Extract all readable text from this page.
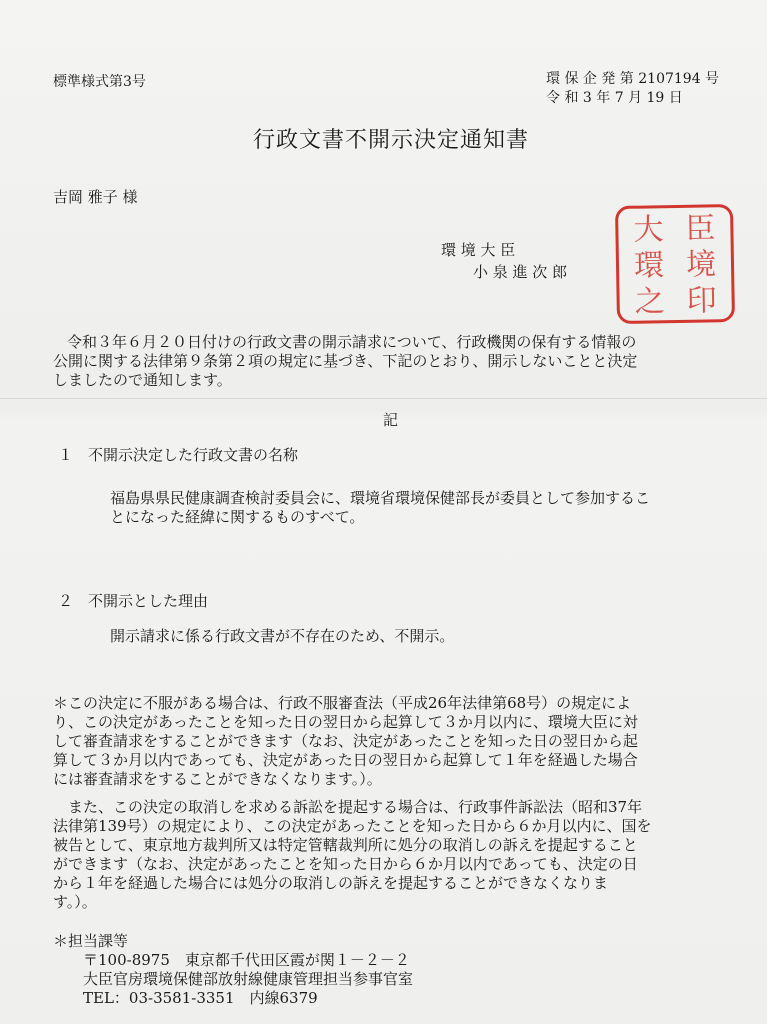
標準様式第3号	環 保 企 発 第 2107194 号
令 和 3 年 7 月 19 日
行政文書不開示決定通知書
吉岡 雅子 様
環 境 大 臣
小 泉 進 次 郎
大 臣
環 境
之 印
令和３年６月２０日付けの行政文書の開示請求について、行政機関の保有する情報の
公開に関する法律第９条第２項の規定に基づき、下記のとおり、開示しないことと決定
しましたので通知します。
記
１　不開示決定した行政文書の名称
福島県県民健康調査検討委員会に、環境省環境保健部長が委員として参加するこ
とになった経緯に関するものすべて。
２　不開示とした理由
開示請求に係る行政文書が不存在のため、不開示。
＊この決定に不服がある場合は、行政不服審査法（平成26年法律第68号）の規定によ
り、この決定があったことを知った日の翌日から起算して３か月以内に、環境大臣に対
して審査請求をすることができます（なお、決定があったことを知った日の翌日から起
算して３か月以内であっても、決定があった日の翌日から起算して１年を経過した場合
には審査請求をすることができなくなります。）。
　また、この決定の取消しを求める訴訟を提起する場合は、行政事件訴訟法（昭和37年
法律第139号）の規定により、この決定があったことを知った日から６か月以内に、国を
被告として、東京地方裁判所又は特定管轄裁判所に処分の取消しの訴えを提起すること
ができます（なお、決定があったことを知った日から６か月以内であっても、決定の日
から１年を経過した場合には処分の取消しの訴えを提起することができなくなりま
す。）。
＊担当課等
〒100-8975　東京都千代田区霞が関１－２－２
大臣官房環境保健部放射線健康管理担当参事官室
TEL：03-3581-3351　内線6379
